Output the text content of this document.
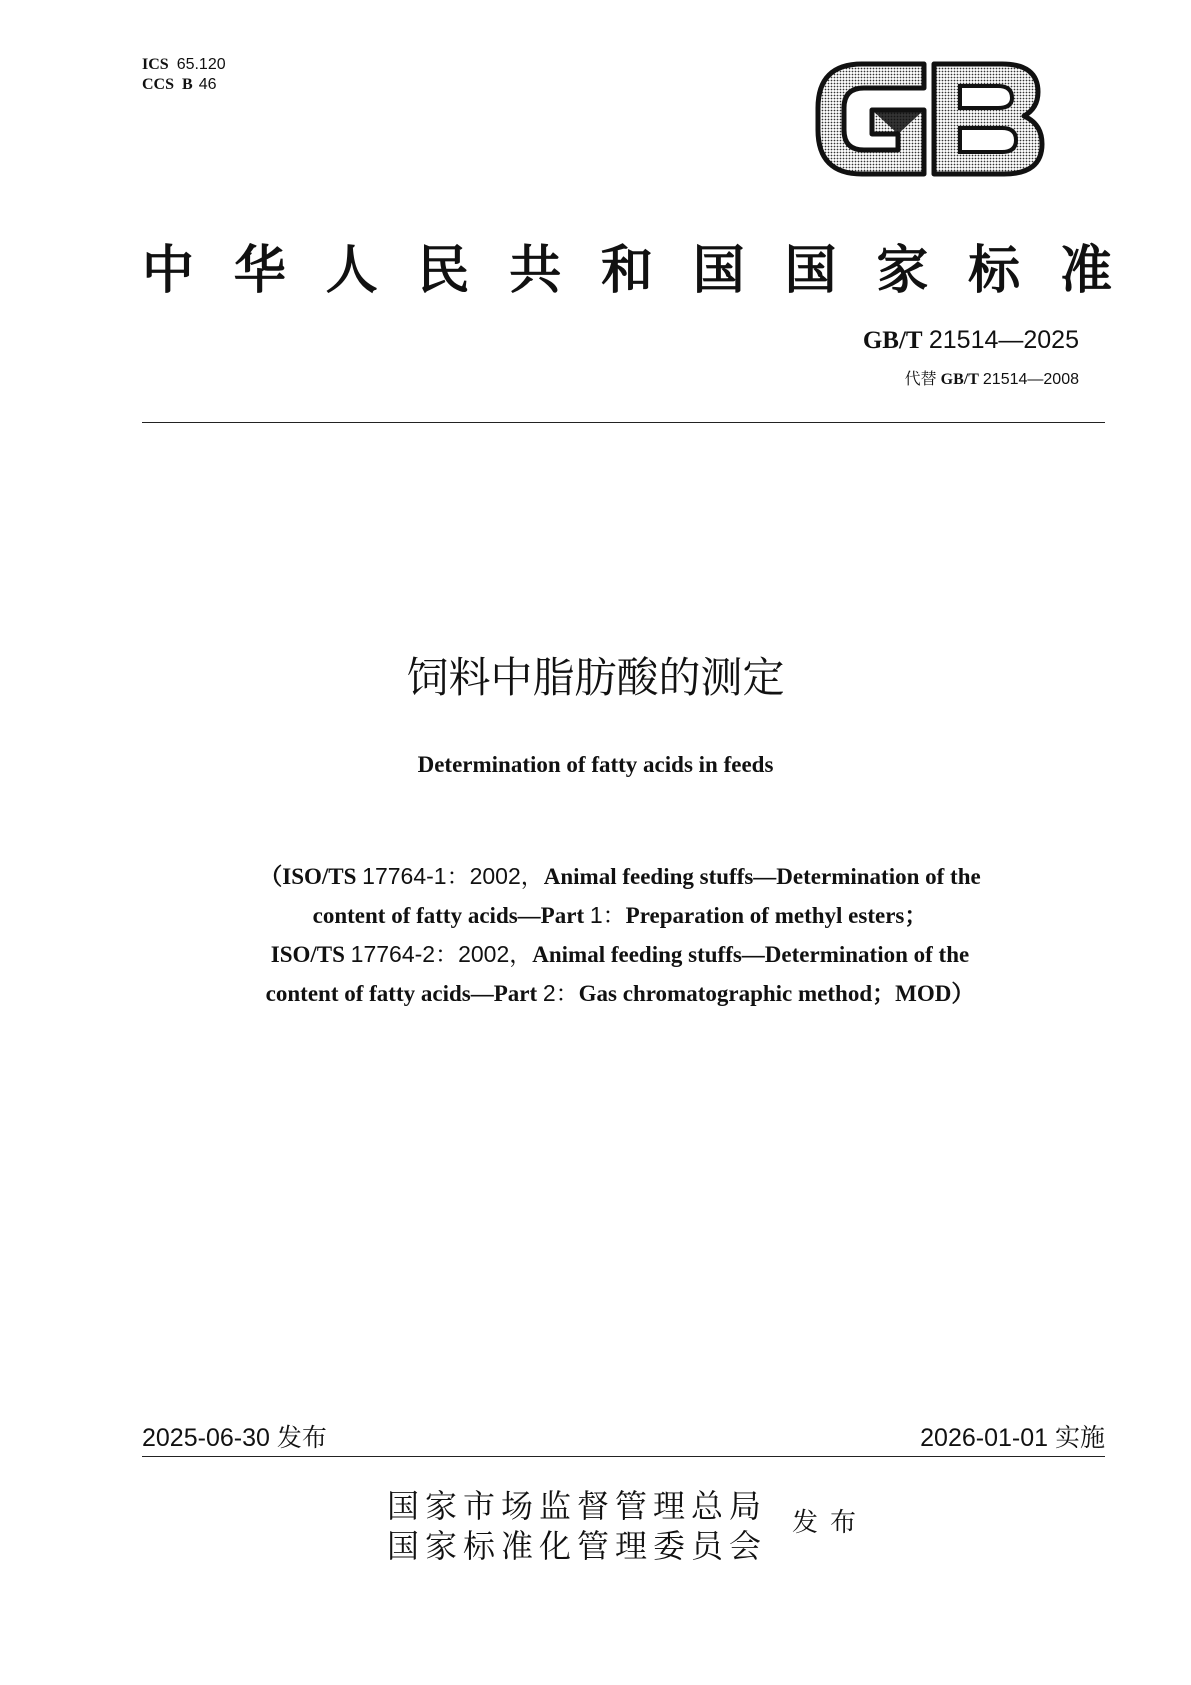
ICS 65.120
CCS B 46
中 华 人 民 共 和 国 国 家 标 准
GB/T 21514—2025
代替 GB/T 21514—2008
饲料中脂肪酸的测定
Determination of fatty acids in feeds
（ISO/TS 17764-1：2002，Animal feeding stuffs—Determination of the
content of fatty acids—Part 1：Preparation of methyl esters；
ISO/TS 17764-2：2002，Animal feeding stuffs—Determination of the
content of fatty acids—Part 2：Gas chromatographic method；MOD）
2025-06-30 发布	2026-01-01 实施
国家市场监督管理总局
国家标准化管理委员会
发布
